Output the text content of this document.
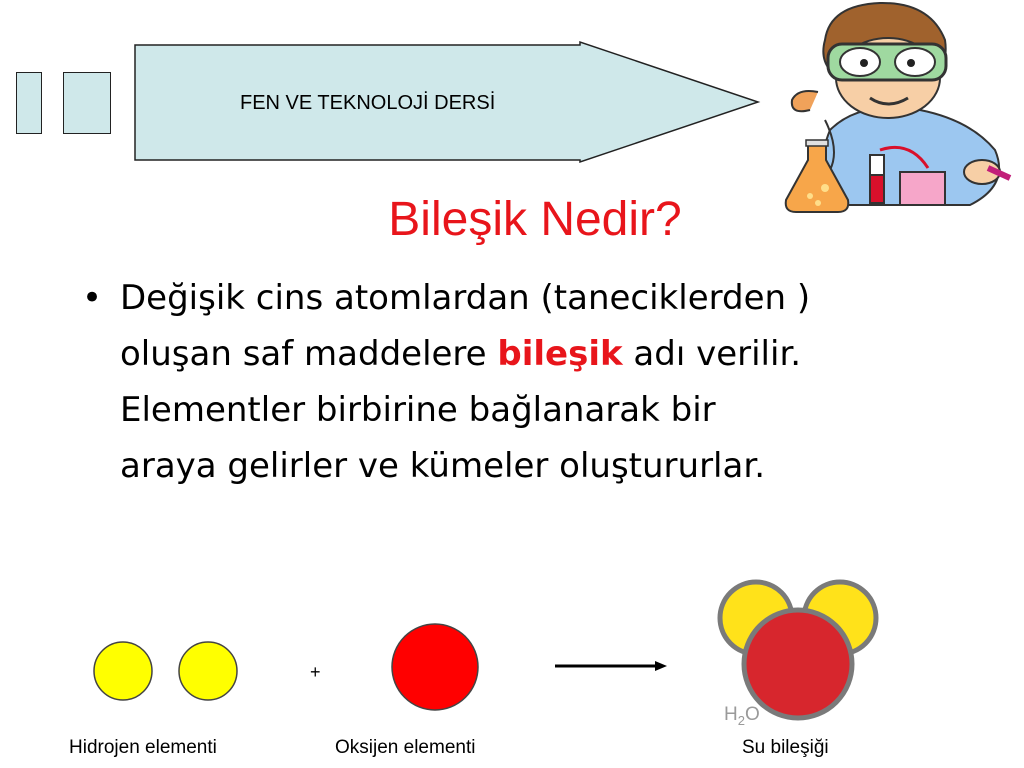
FEN VE TEKNOLOJİ DERSİ
Bileşik Nedir?
• Değişik cins atomlardan (taneciklerden )
oluşan saf maddelere bileşik adı verilir.
Elementler birbirine bağlanarak bir
araya gelirler ve kümeler oluştururlar.
+
$H_2O$
Hidrojen elementi	Oksijen elementi	Su bileşiği
